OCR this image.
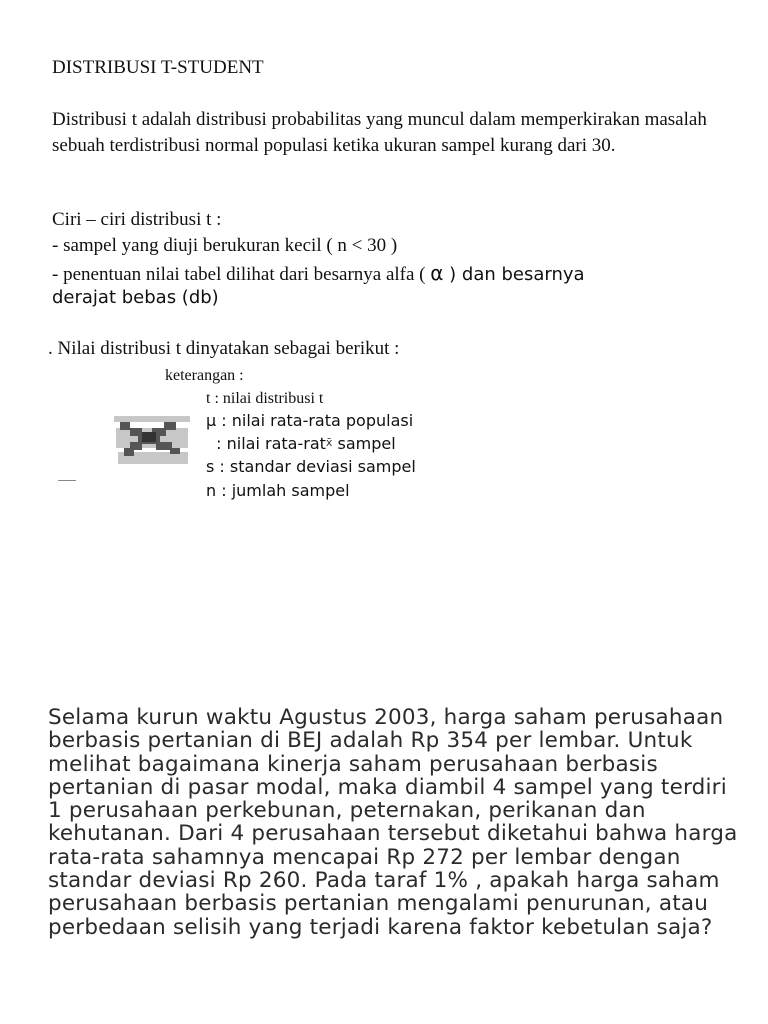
DISTRIBUSI T-STUDENT
Distribusi t adalah distribusi probabilitas yang muncul dalam memperkirakan masalah sebuah terdistribusi normal populasi ketika ukuran sampel kurang dari 30.
Ciri – ciri distribusi t :
- sampel yang diuji berukuran kecil ( n < 30 )
- penentuan nilai tabel dilihat dari besarnya alfa ( α ) dan besarnya
derajat bebas (db)
. Nilai distribusi t dinyatakan sebagai berikut :
keterangan :
t : nilai distribusi t
µ : nilai rata-rata populasi
: nilai rata-ratx̄ sampel
s : standar deviasi sampel
n : jumlah sampel
Selama kurun waktu Agustus 2003, harga saham perusahaan berbasis pertanian di BEJ adalah Rp 354 per lembar. Untuk melihat bagaimana kinerja saham perusahaan berbasis pertanian di pasar modal, maka diambil 4 sampel yang terdiri 1 perusahaan perkebunan, peternakan, perikanan dan kehutanan. Dari 4 perusahaan tersebut diketahui bahwa harga rata-rata sahamnya mencapai Rp 272 per lembar dengan standar deviasi Rp 260. Pada taraf 1% , apakah harga saham perusahaan berbasis pertanian mengalami penurunan, atau perbedaan selisih yang terjadi karena faktor kebetulan saja?
